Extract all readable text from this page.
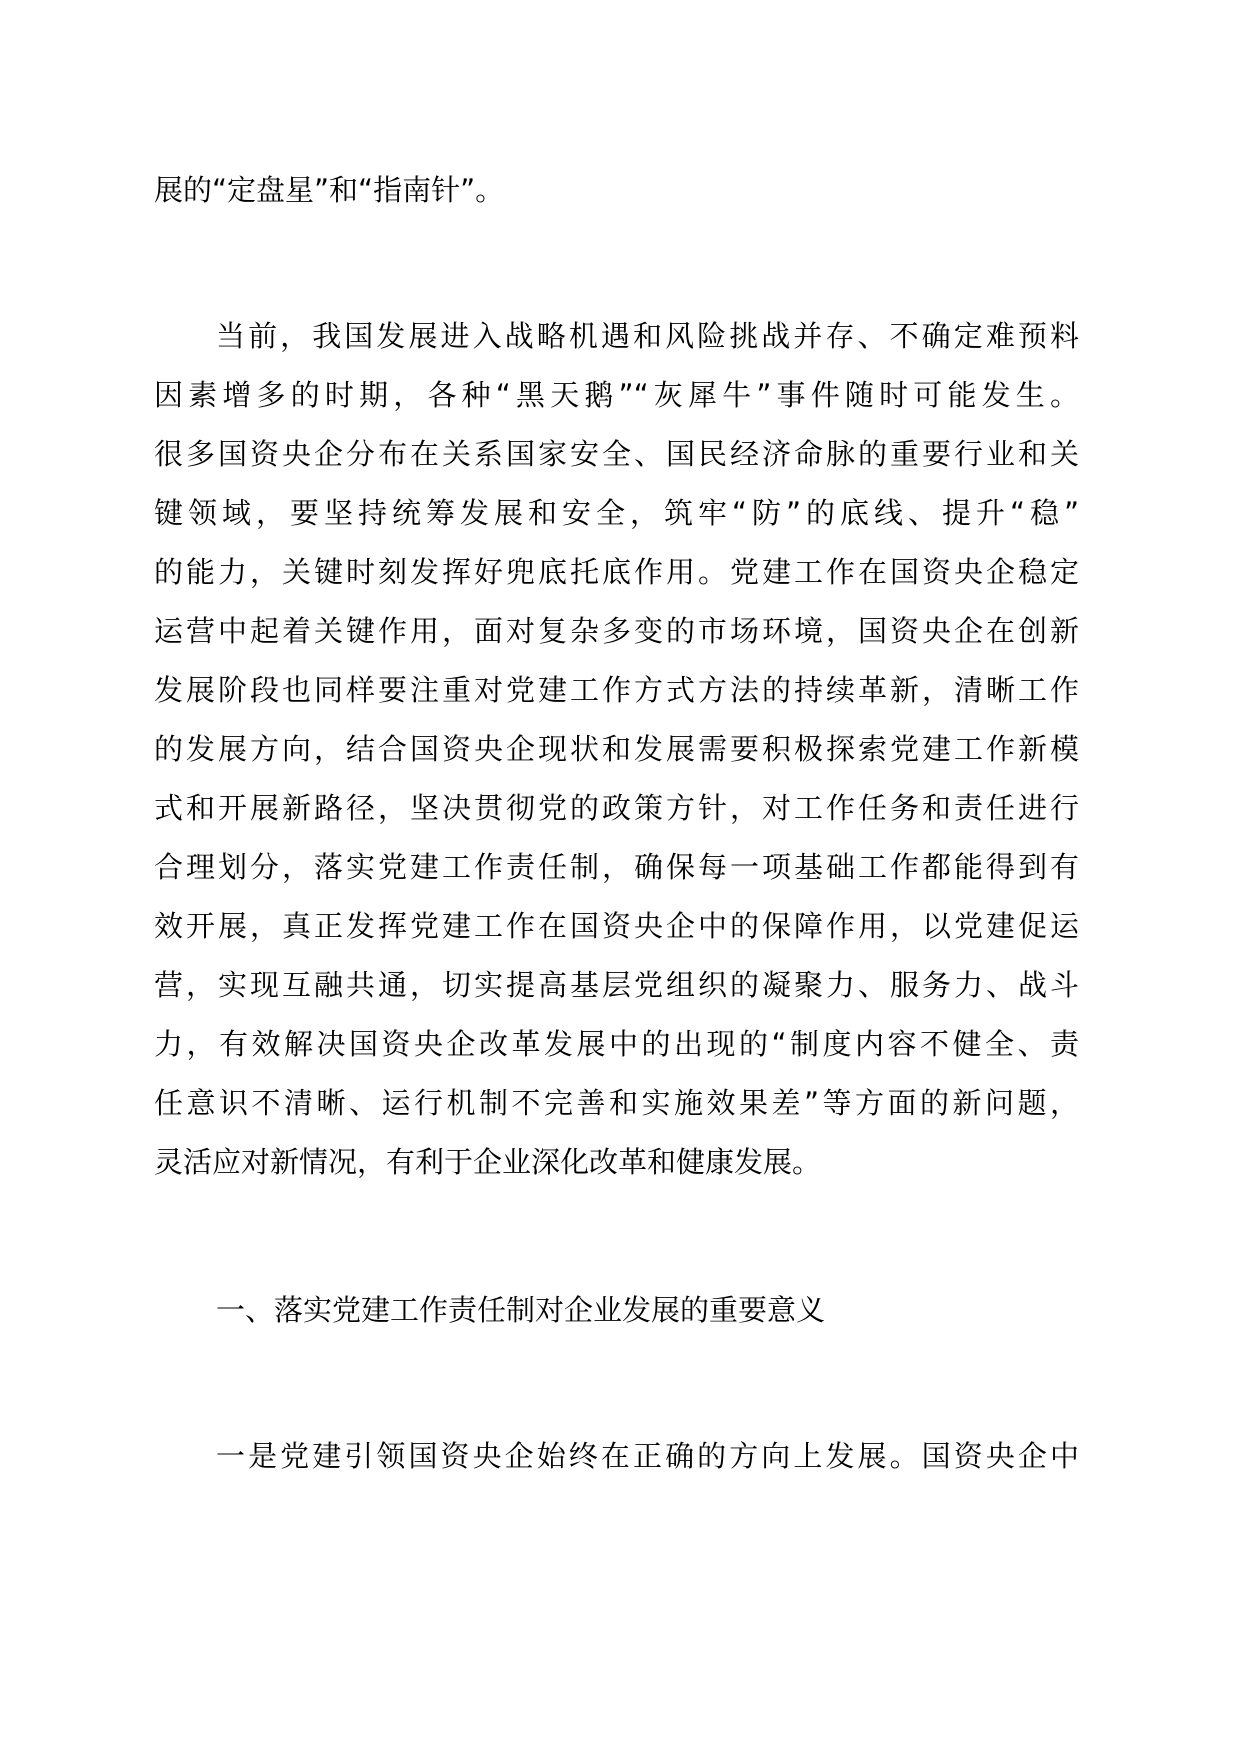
展的“定盘星”和“指南针”。
当前，我国发展进入战略机遇和风险挑战并存、不确定难预料
因素增多的时期，各种“黑天鹅”“灰犀牛”事件随时可能发生。
很多国资央企分布在关系国家安全、国民经济命脉的重要行业和关
键领域，要坚持统筹发展和安全，筑牢“防”的底线、提升“稳”
的能力，关键时刻发挥好兜底托底作用。党建工作在国资央企稳定
运营中起着关键作用，面对复杂多变的市场环境，国资央企在创新
发展阶段也同样要注重对党建工作方式方法的持续革新，清晰工作
的发展方向，结合国资央企现状和发展需要积极探索党建工作新模
式和开展新路径，坚决贯彻党的政策方针，对工作任务和责任进行
合理划分，落实党建工作责任制，确保每一项基础工作都能得到有
效开展，真正发挥党建工作在国资央企中的保障作用，以党建促运
营，实现互融共通，切实提高基层党组织的凝聚力、服务力、战斗
力，有效解决国资央企改革发展中的出现的“制度内容不健全、责
任意识不清晰、运行机制不完善和实施效果差”等方面的新问题，
灵活应对新情况，有利于企业深化改革和健康发展。
一、落实党建工作责任制对企业发展的重要意义
一是党建引领国资央企始终在正确的方向上发展。国资央企中
